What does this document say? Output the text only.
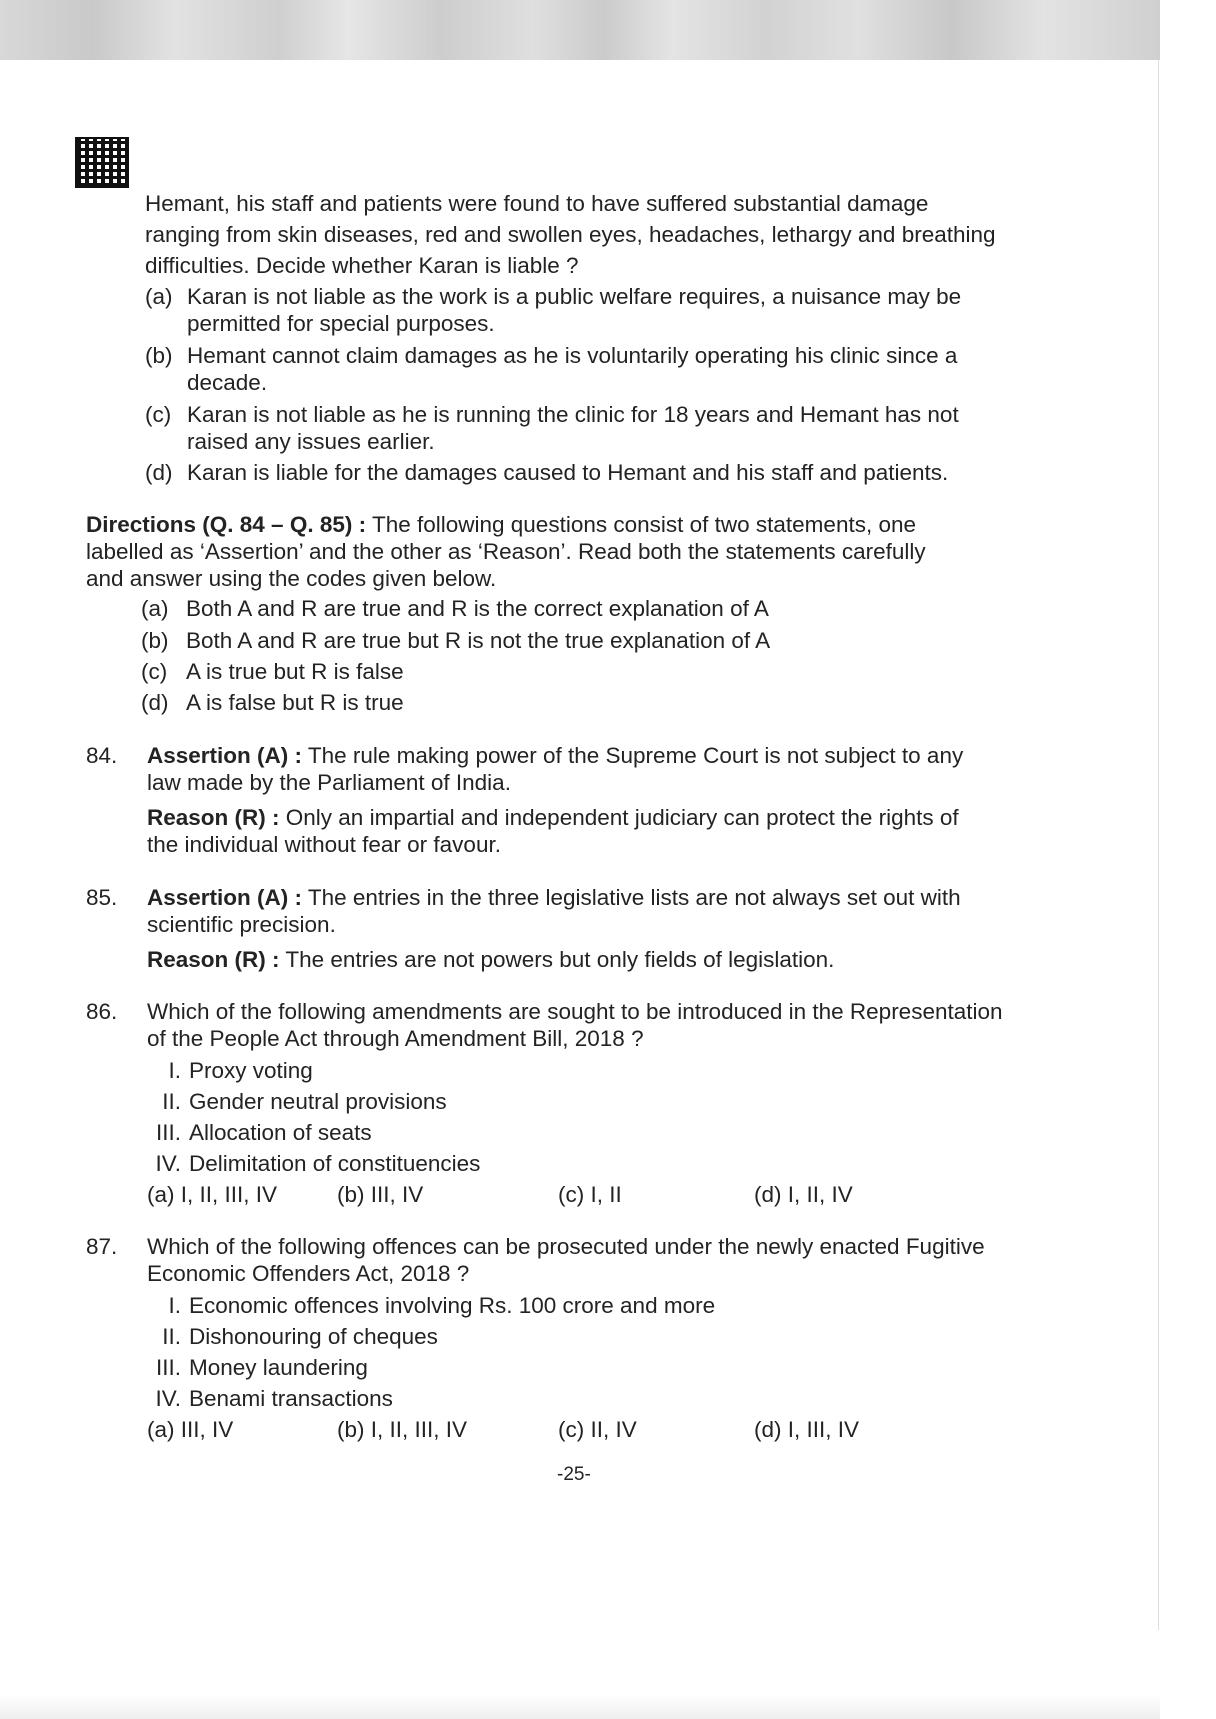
Hemant, his staff and patients were found to have suffered substantial damage
ranging from skin diseases, red and swollen eyes, headaches, lethargy and breathing
difficulties. Decide whether Karan is liable ?
(a) Karan is not liable as the work is a public welfare requires, a nuisance may be
permitted for special purposes.
(b) Hemant cannot claim damages as he is voluntarily operating his clinic since a
decade.
(c) Karan is not liable as he is running the clinic for 18 years and Hemant has not
raised any issues earlier.
(d) Karan is liable for the damages caused to Hemant and his staff and patients.
Directions (Q. 84 – Q. 85) : The following questions consist of two statements, one
labelled as ‘Assertion’ and the other as ‘Reason’. Read both the statements carefully
and answer using the codes given below.
(a) Both A and R are true and R is the correct explanation of A
(b) Both A and R are true but R is not the true explanation of A
(c) A is true but R is false
(d) A is false but R is true
84. Assertion (A) : The rule making power of the Supreme Court is not subject to any
law made by the Parliament of India.
Reason (R) : Only an impartial and independent judiciary can protect the rights of
the individual without fear or favour.
85. Assertion (A) : The entries in the three legislative lists are not always set out with
scientific precision.
Reason (R) : The entries are not powers but only fields of legislation.
86. Which of the following amendments are sought to be introduced in the Representation
of the People Act through Amendment Bill, 2018 ?
I. Proxy voting
II. Gender neutral provisions
III. Allocation of seats
IV. Delimitation of constituencies
(a) I, II, III, IV	(b) III, IV	(c) I, II	(d) I, II, IV
87. Which of the following offences can be prosecuted under the newly enacted Fugitive
Economic Offenders Act, 2018 ?
I. Economic offences involving Rs. 100 crore and more
II. Dishonouring of cheques
III. Money laundering
IV. Benami transactions
(a) III, IV	(b) I, II, III, IV	(c) II, IV	(d) I, III, IV
-25-
